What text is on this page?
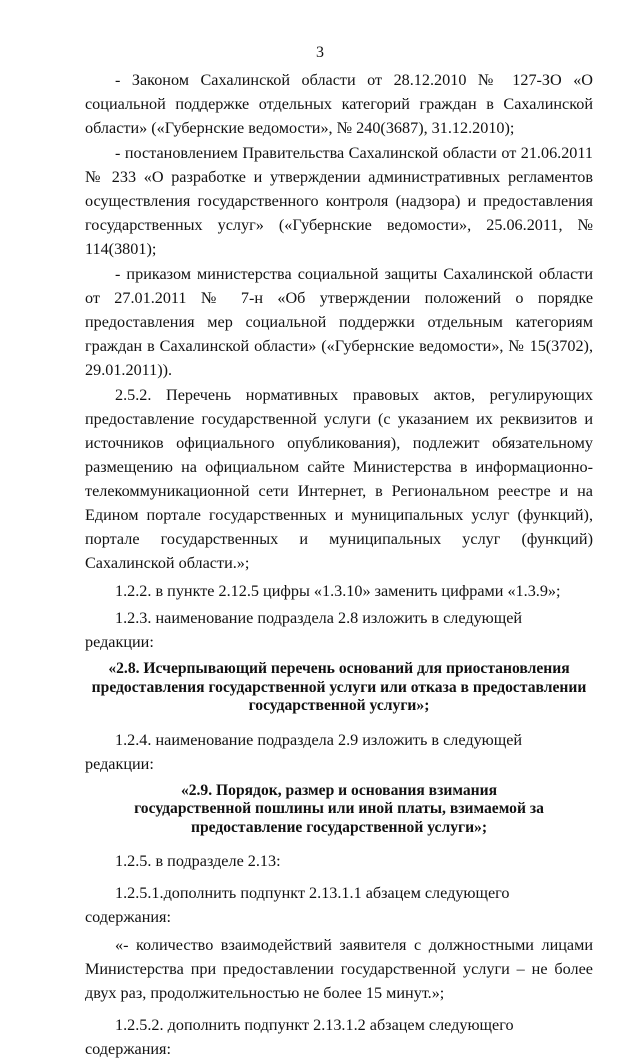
3

- Законом Сахалинской области от 28.12.2010 № 127-ЗО «О социальной поддержке отдельных категорий граждан в Сахалинской области» («Губернские ведомости», № 240(3687), 31.12.2010);

- постановлением Правительства Сахалинской области от 21.06.2011 № 233 «О разработке и утверждении административных регламентов осуществления государственного контроля (надзора) и предоставления государственных услуг» («Губернские ведомости», 25.06.2011, № 114(3801);

- приказом министерства социальной защиты Сахалинской области от 27.01.2011 № 7-н «Об утверждении положений о порядке предоставления мер социальной поддержки отдельным категориям граждан в Сахалинской области» («Губернские ведомости», № 15(3702), 29.01.2011)).

2.5.2. Перечень нормативных правовых актов, регулирующих предоставление государственной услуги (с указанием их реквизитов и источников официального опубликования), подлежит обязательному размещению на официальном сайте Министерства в информационно-телекоммуникационной сети Интернет, в Региональном реестре и на Едином портале государственных и муниципальных услуг (функций), портале государственных и муниципальных услуг (функций) Сахалинской области.»;

1.2.2. в пункте 2.12.5 цифры «1.3.10» заменить цифрами «1.3.9»;

1.2.3. наименование подраздела 2.8 изложить в следующей редакции:

«2.8. Исчерпывающий перечень оснований для приостановления предоставления государственной услуги или отказа в предоставлении государственной услуги»;

1.2.4. наименование подраздела 2.9 изложить в следующей редакции:

«2.9. Порядок, размер и основания взимания государственной пошлины или иной платы, взимаемой за предоставление государственной услуги»;

1.2.5. в подразделе 2.13:

1.2.5.1.дополнить подпункт 2.13.1.1 абзацем следующего содержания:

«- количество взаимодействий заявителя с должностными лицами Министерства при предоставлении государственной услуги – не более двух раз, продолжительностью не более 15 минут.»;

1.2.5.2. дополнить подпункт 2.13.1.2 абзацем следующего содержания:
